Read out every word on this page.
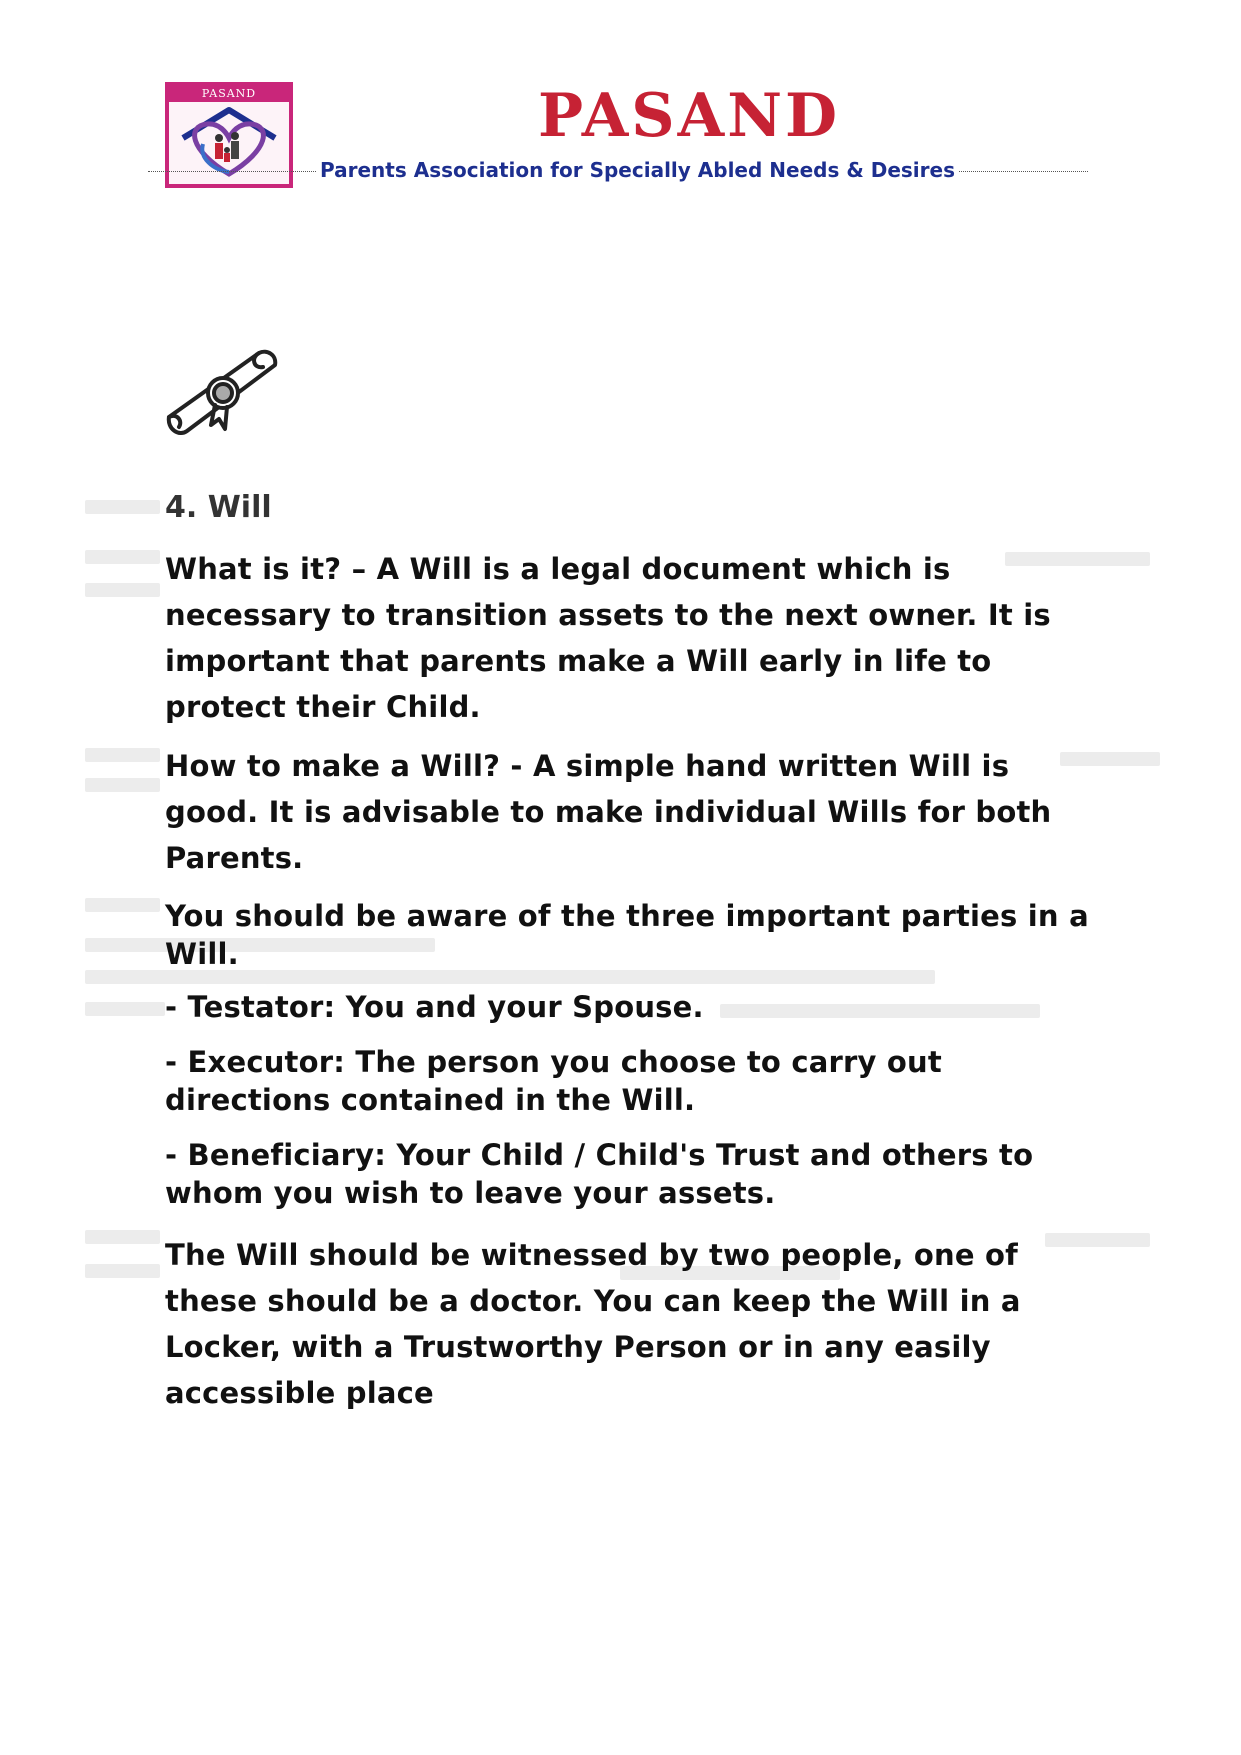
PASAND	PASAND
Parents Association for Specially Abled Needs & Desires
4. Will

What is it? – A Will is a legal document which is necessary to transition assets to the next owner. It is important that parents make a Will early in life to protect their Child.

How to make a Will? - A simple hand written Will is good. It is advisable to make individual Wills for both Parents.

You should be aware of the three important parties in a Will.

- Testator: You and your Spouse.

- Executor: The person you choose to carry out directions contained in the Will.

- Beneficiary: Your Child / Child's Trust and others to whom you wish to leave your assets.

The Will should be witnessed by two people, one of these should be a doctor. You can keep the Will in a Locker, with a Trustworthy Person or in any easily accessible place
